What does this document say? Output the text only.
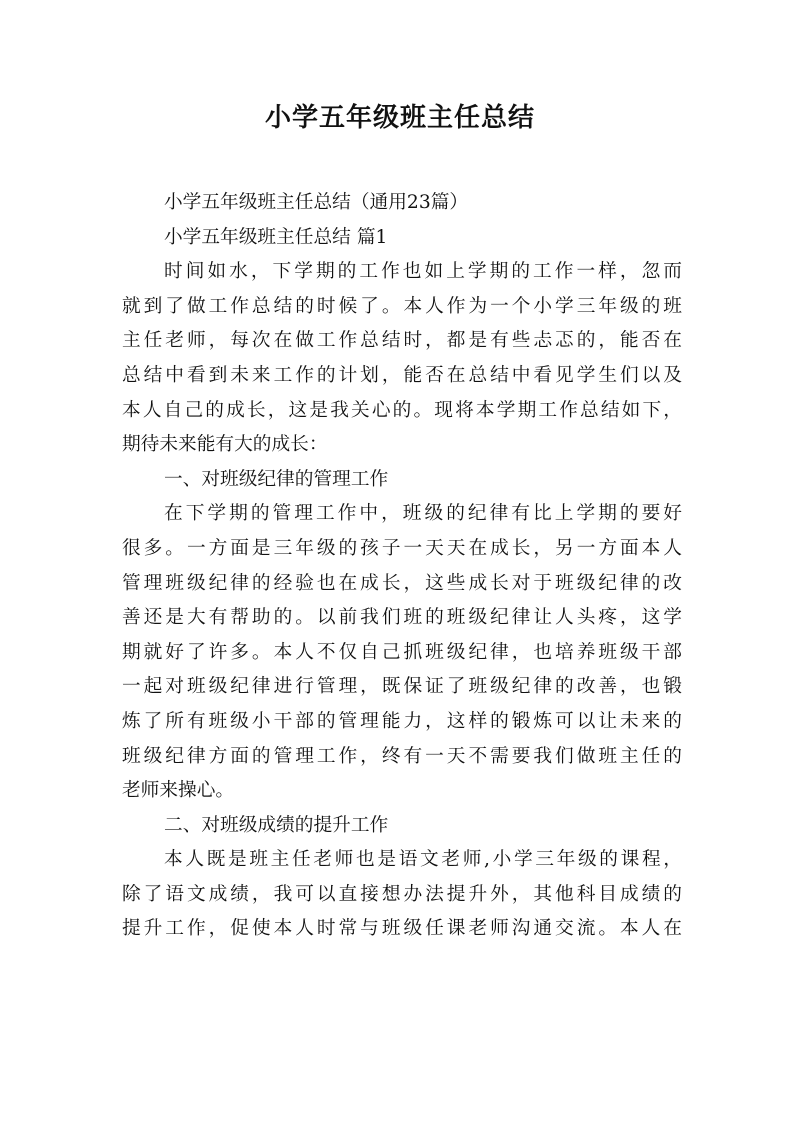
小学五年级班主任总结
小学五年级班主任总结（通用23篇）
小学五年级班主任总结 篇1
时间如水，下学期的工作也如上学期的工作一样，忽而
就到了做工作总结的时候了。本人作为一个小学三年级的班
主任老师，每次在做工作总结时，都是有些忐忑的，能否在
总结中看到未来工作的计划，能否在总结中看见学生们以及
本人自己的成长，这是我关心的。现将本学期工作总结如下，
期待未来能有大的成长：
一、对班级纪律的管理工作
在下学期的管理工作中，班级的纪律有比上学期的要好
很多。一方面是三年级的孩子一天天在成长，另一方面本人
管理班级纪律的经验也在成长，这些成长对于班级纪律的改
善还是大有帮助的。以前我们班的班级纪律让人头疼，这学
期就好了许多。本人不仅自己抓班级纪律，也培养班级干部
一起对班级纪律进行管理，既保证了班级纪律的改善，也锻
炼了所有班级小干部的管理能力，这样的锻炼可以让未来的
班级纪律方面的管理工作，终有一天不需要我们做班主任的
老师来操心。
二、对班级成绩的提升工作
本人既是班主任老师也是语文老师,小学三年级的课程，
除了语文成绩，我可以直接想办法提升外，其他科目成绩的
提升工作，促使本人时常与班级任课老师沟通交流。本人在
